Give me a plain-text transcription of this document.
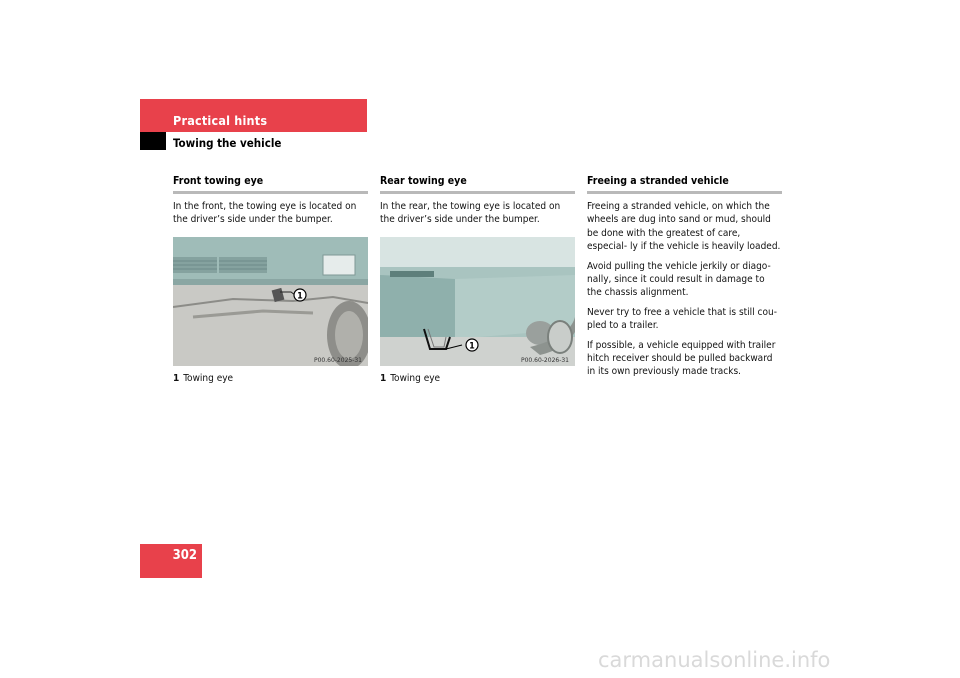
Practical hints
Towing the vehicle
Front towing eye

In the front, the towing eye is located on the driver’s side under the bumper.

1
P00.60-2025-31
1 Towing eye
Rear towing eye

In the rear, the towing eye is located on the driver’s side under the bumper.

1
P00.60-2026-31
1 Towing eye
Freeing a stranded vehicle

Freeing a stranded vehicle, on which the wheels are dug into sand or mud, should be done with the greatest of care, especial- ly if the vehicle is heavily loaded.

Avoid pulling the vehicle jerkily or diago- nally, since it could result in damage to the chassis alignment.

Never try to free a vehicle that is still cou- pled to a trailer.

If possible, a vehicle equipped with trailer hitch receiver should be pulled backward in its own previously made tracks.

302
carmanualsonline.info
